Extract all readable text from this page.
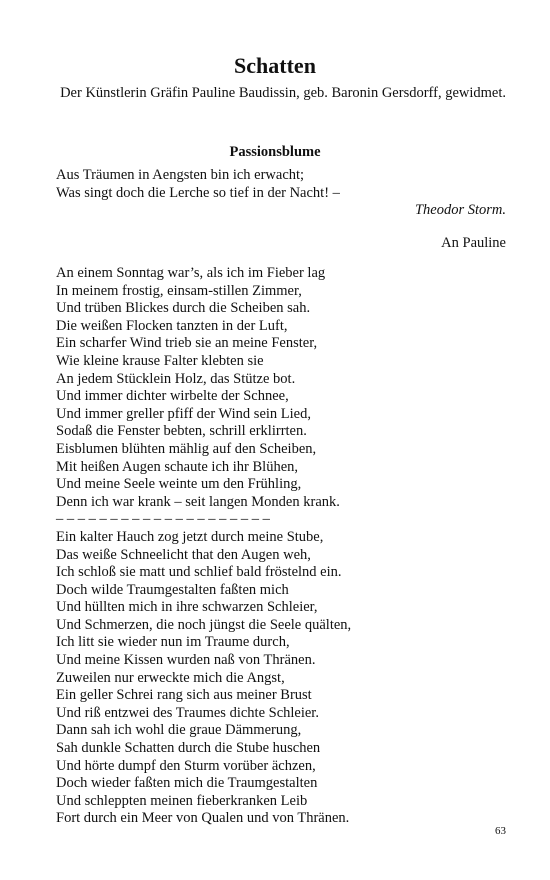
Schatten
Der Künstlerin Gräfin Pauline Baudissin, geb. Baronin Gersdorff, gewidmet.
Passionsblume
Aus Träumen in Aengsten bin ich erwacht;
Was singt doch die Lerche so tief in der Nacht! –
Theodor Storm.
An Pauline
An einem Sonntag war’s, als ich im Fieber lag
In meinem frostig, einsam-stillen Zimmer,
Und trüben Blickes durch die Scheiben sah.
Die weißen Flocken tanzten in der Luft,
Ein scharfer Wind trieb sie an meine Fenster,
Wie kleine krause Falter klebten sie
An jedem Stücklein Holz, das Stütze bot.
Und immer dichter wirbelte der Schnee,
Und immer greller pfiff der Wind sein Lied,
Sodaß die Fenster bebten, schrill erklirrten.
Eisblumen blühten mählig auf den Scheiben,
Mit heißen Augen schaute ich ihr Blühen,
Und meine Seele weinte um den Frühling,
Denn ich war krank – seit langen Monden krank.
– – – – – – – – – – – – – – – – – – – –
Ein kalter Hauch zog jetzt durch meine Stube,
Das weiße Schneelicht that den Augen weh,
Ich schloß sie matt und schlief bald fröstelnd ein.
Doch wilde Traumgestalten faßten mich
Und hüllten mich in ihre schwarzen Schleier,
Und Schmerzen, die noch jüngst die Seele quälten,
Ich litt sie wieder nun im Traume durch,
Und meine Kissen wurden naß von Thränen.
Zuweilen nur erweckte mich die Angst,
Ein geller Schrei rang sich aus meiner Brust
Und riß entzwei des Traumes dichte Schleier.
Dann sah ich wohl die graue Dämmerung,
Sah dunkle Schatten durch die Stube huschen
Und hörte dumpf den Sturm vorüber ächzen,
Doch wieder faßten mich die Traumgestalten
Und schleppten meinen fieberkranken Leib
Fort durch ein Meer von Qualen und von Thränen.
63
